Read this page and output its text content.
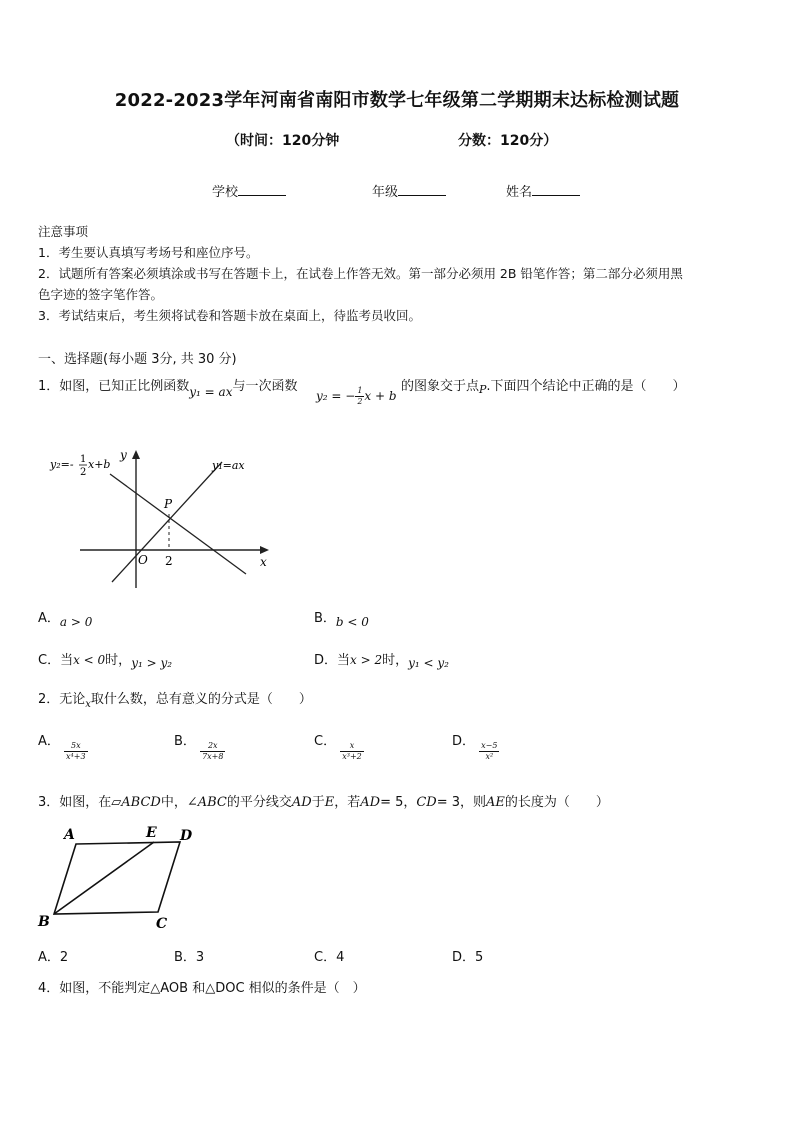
2022-2023学年河南省南阳市数学七年级第二学期期末达标检测试题
（时间：120分钟	分数：120分）
学校	年级	姓名
注意事项
1．考生要认真填写考场号和座位序号。
2．试题所有答案必须填涂或书写在答题卡上，在试卷上作答无效。第一部分必须用 2B 铅笔作答；第二部分必须用黑
色字迹的签字笔作答。
3．考试结束后，考生须将试卷和答题卡放在桌面上，待监考员收回。
一、选择题(每小题 3分, 共 30 分)
1．如图，已知正比例函数y₁ = ax与一次函数
y₂ = − $\frac{1}{2}$ x + b
的图象交于点$_P$.下面四个结论中正确的是（　　）
y₂=- 1
2
x+b	y₁=ax
y
x
O
P
2
A．a > 0	B．b < 0
C．当x < 0时，y₁ > y₂	D．当x > 2时，y₁ < y₂
2．无论$_x$取什么数，总有意义的分式是（　　）
A． $\frac{5x}{\text{x⁴+3}}$	B． $\frac{2x}{7x+8}$	C． $\frac{x}{\text{x³+2}}$	D． $\frac{x-5}{\text{x²}}$
3．如图，在▱ABCD中，∠ABC的平分线交AD于E，若AD= 5，CD= 3，则AE的长度为（　　）
A	E D
B	C
A．2	B．3	C．4	D．5
4．如图，不能判定△AOB 和△DOC 相似的条件是（　）
